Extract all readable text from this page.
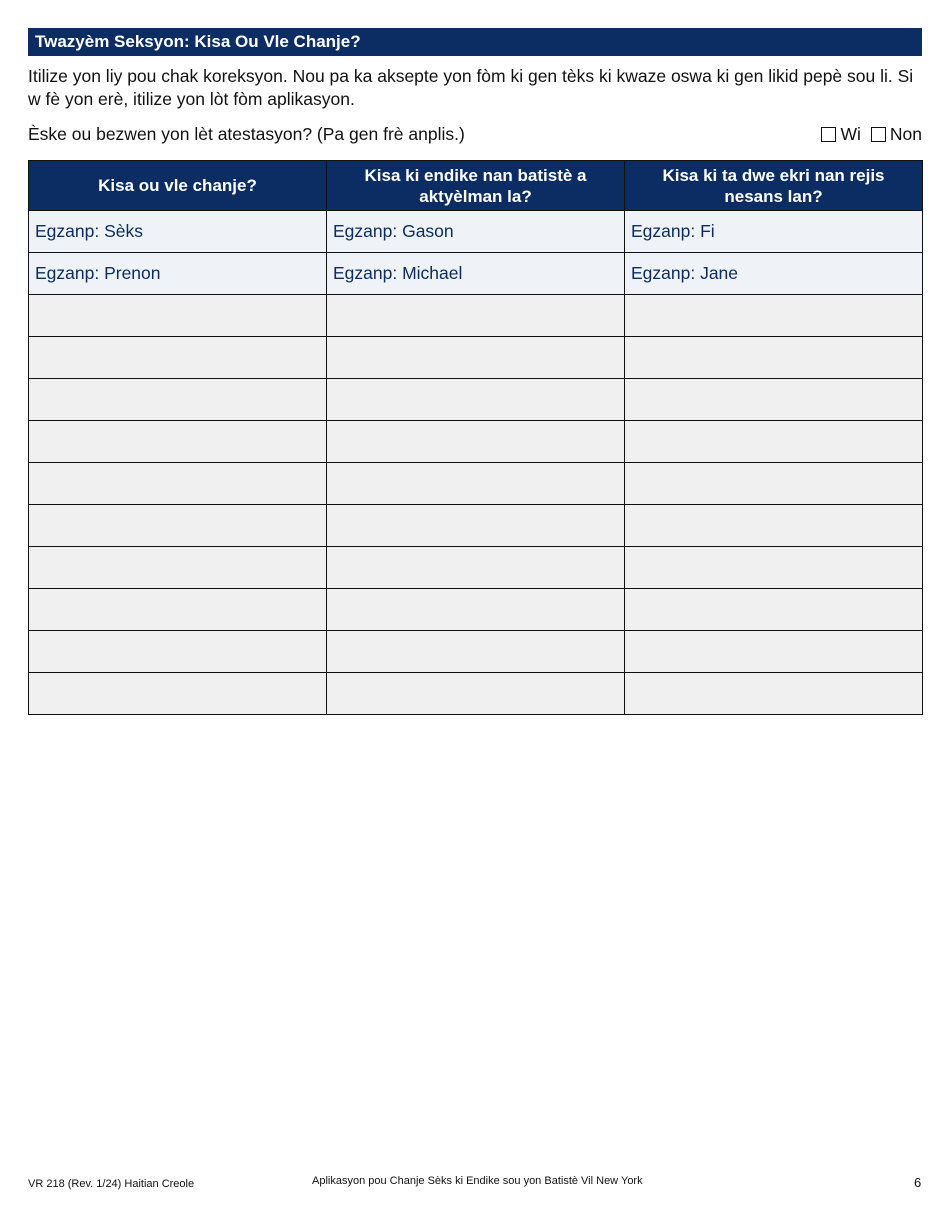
Twazyèm Seksyon: Kisa Ou Vle Chanje?
Itilize yon liy pou chak koreksyon. Nou pa ka aksepte yon fòm ki gen tèks ki kwaze oswa ki gen likid pepè sou li. Si w fè yon erè, itilize yon lòt fòm aplikasyon.
Èske ou bezwen yon lèt atestasyon? (Pa gen frè anplis.)	Wi Non
Kisa ou vle chanje?	Kisa ki endike nan batistè a aktyèlman la?	Kisa ki ta dwe ekri nan rejis nesans lan?
Egzanp: Sèks	Egzanp: Gason	Egzanp: Fi
Egzanp: Prenon	Egzanp: Michael	Egzanp: Jane

VR 218 (Rev. 1/24) Haitian Creole	Aplikasyon pou Chanje Sèks ki Endike sou yon Batistè Vil New York	6
